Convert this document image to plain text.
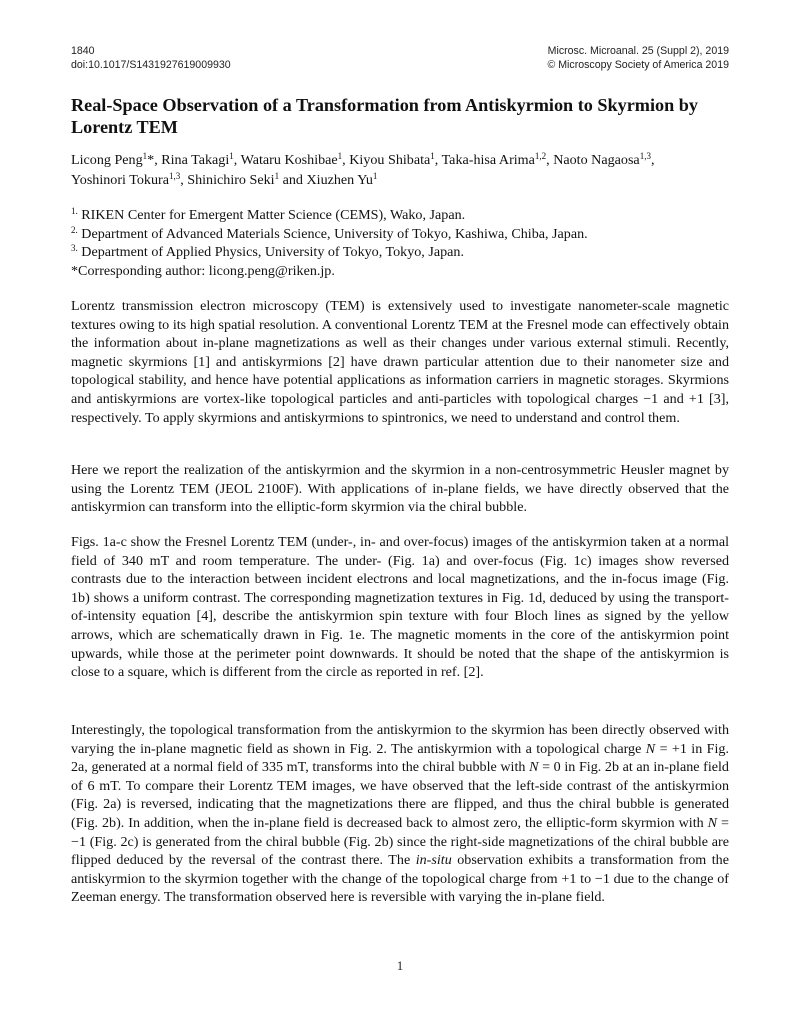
1840
doi:10.1017/S1431927619009930
Microsc. Microanal. 25 (Suppl 2), 2019
© Microscopy Society of America 2019
Real-Space Observation of a Transformation from Antiskyrmion to Skyrmion by Lorentz TEM
Licong Peng$^1$*, Rina Takagi$^1$, Wataru Koshibae$^1$, Kiyou Shibata$^1$, Taka-hisa Arima$^{1,2}$, Naoto Nagaosa$^{1,3}$,
Yoshinori Tokura$^{1,3}$, Shinichiro Seki$^1$ and Xiuzhen Yu$^1$
$^{1.}$ RIKEN Center for Emergent Matter Science (CEMS), Wako, Japan.
$^{2.}$ Department of Advanced Materials Science, University of Tokyo, Kashiwa, Chiba, Japan.
$^{3.}$ Department of Applied Physics, University of Tokyo, Tokyo, Japan.
*Corresponding author: licong.peng@riken.jp.

Lorentz transmission electron microscopy (TEM) is extensively used to investigate nanometer-scale magnetic textures owing to its high spatial resolution. A conventional Lorentz TEM at the Fresnel mode can effectively obtain the information about in-plane magnetizations as well as their changes under various external stimuli. Recently, magnetic skyrmions [1] and antiskyrmions [2] have drawn particular attention due to their nanometer size and topological stability, and hence have potential applications as information carriers in magnetic storages. Skyrmions and antiskyrmions are vortex-like topological particles and anti-particles with topological charges −1 and +1 [3], respectively. To apply skyrmions and antiskyrmions to spintronics, we need to understand and control them.

Here we report the realization of the antiskyrmion and the skyrmion in a non-centrosymmetric Heusler magnet by using the Lorentz TEM (JEOL 2100F). With applications of in-plane fields, we have directly observed that the antiskyrmion can transform into the elliptic-form skyrmion via the chiral bubble.

Figs. 1a-c show the Fresnel Lorentz TEM (under-, in- and over-focus) images of the antiskyrmion taken at a normal field of 340 mT and room temperature. The under- (Fig. 1a) and over-focus (Fig. 1c) images show reversed contrasts due to the interaction between incident electrons and local magnetizations, and the in-focus image (Fig. 1b) shows a uniform contrast. The corresponding magnetization textures in Fig. 1d, deduced by using the transport-of-intensity equation [4], describe the antiskyrmion spin texture with four Bloch lines as signed by the yellow arrows, which are schematically drawn in Fig. 1e. The magnetic moments in the core of the antiskyrmion point upwards, while those at the perimeter point downwards. It should be noted that the shape of the antiskyrmion is close to a square, which is different from the circle as reported in ref. [2].

Interestingly, the topological transformation from the antiskyrmion to the skyrmion has been directly observed with varying the in-plane magnetic field as shown in Fig. 2. The antiskyrmion with a topological charge N = +1 in Fig. 2a, generated at a normal field of 335 mT, transforms into the chiral bubble with N = 0 in Fig. 2b at an in-plane field of 6 mT. To compare their Lorentz TEM images, we have observed that the left-side contrast of the antiskyrmion (Fig. 2a) is reversed, indicating that the magnetizations there are flipped, and thus the chiral bubble is generated (Fig. 2b). In addition, when the in-plane field is decreased back to almost zero, the elliptic-form skyrmion with N = −1 (Fig. 2c) is generated from the chiral bubble (Fig. 2b) since the right-side magnetizations of the chiral bubble are flipped deduced by the reversal of the contrast there. The in-situ observation exhibits a transformation from the antiskyrmion to the skyrmion together with the change of the topological charge from +1 to −1 due to the change of Zeeman energy. The transformation observed here is reversible with varying the in-plane field.

1
